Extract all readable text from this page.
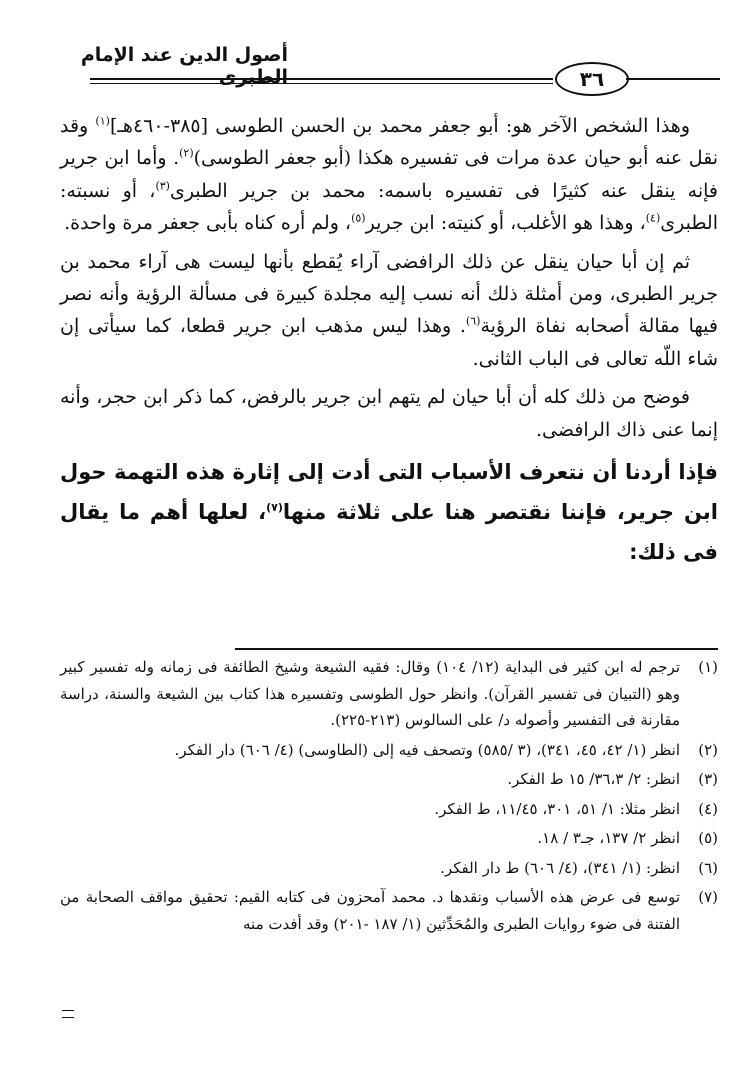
أصول الدين عند الإمام الطبرى	٣٦

وهذا الشخص الآخر هو: أبو جعفر محمد بن الحسن الطوسى [٣٨٥-٤٦٠هـ]$^{(١)}$ وقد نقل عنه أبو حيان عدة مرات فى تفسيره هكذا (أبو جعفر الطوسى)$^{(٢)}$. وأما ابن جرير فإنه ينقل عنه كثيرًا فى تفسيره باسمه: محمد بن جرير الطبرى$^{(٣)}$، أو نسبته: الطبرى$^{(٤)}$، وهذا هو الأغلب، أو كنيته: ابن جرير$^{(٥)}$، ولم أره كناه بأبى جعفر مرة واحدة.

ثم إن أبا حيان ينقل عن ذلك الرافضى آراء يُقطع بأنها ليست هى آراء محمد بن جرير الطبرى، ومن أمثلة ذلك أنه نسب إليه مجلدة كبيرة فى مسألة الرؤية وأنه نصر فيها مقالة أصحابه نفاة الرؤية$^{(٦)}$. وهذا ليس مذهب ابن جرير قطعا، كما سيأتى إن شاء اللّه تعالى فى الباب الثانى.

فوضح من ذلك كله أن أبا حيان لم يتهم ابن جرير بالرفض، كما ذكر ابن حجر، وأنه إنما عنى ذاك الرافضى.

فإذا أردنا أن نتعرف الأسباب التى أدت إلى إثارة هذه التهمة حول ابن جرير، فإننا نقتصر هنا على ثلاثة منها$^{(٧)}$، لعلها أهم ما يقال فى ذلك:

(١)
ترجم له ابن كثير فى البداية (١٢/ ١٠٤) وقال: فقيه الشيعة وشيخ الطائفة فى زمانه وله تفسير كبير وهو (التبيان فى تفسير القرآن). وانظر حول الطوسى وتفسيره هذا كتاب بين الشيعة والسنة، دراسة مقارنة فى التفسير وأصوله د/ على السالوس (٢١٣-٢٢٥).
(٢)
انظر (١/ ٤٢، ٤٥، ٣٤١)، (٣ /٥٨٥) وتصحف فيه إلى (الطاوسى) (٤/ ٦٠٦) دار الفكر.
(٣)
انظر: ٢/ ٣٦،٣/ ١٥ ط الفكر.
(٤)
انظر مثلا: ١/ ٥١، ٣٠١، ١١/٤٥، ط الفكر.
(٥)
انظر ٢/ ١٣٧، جـ٣ / ١٨.
(٦)
انظر: (١/ ٣٤١)، (٤/ ٦٠٦) ط دار الفكر.
(٧)
توسع فى عرض هذه الأسباب ونقدها د. محمد آمحزون فى كتابه القيم: تحقيق مواقف الصحابة من الفتنة فى ضوء روايات الطبرى والمُحَدِّثين (١/ ١٨٧ -٢٠١) وقد أفدت منه
